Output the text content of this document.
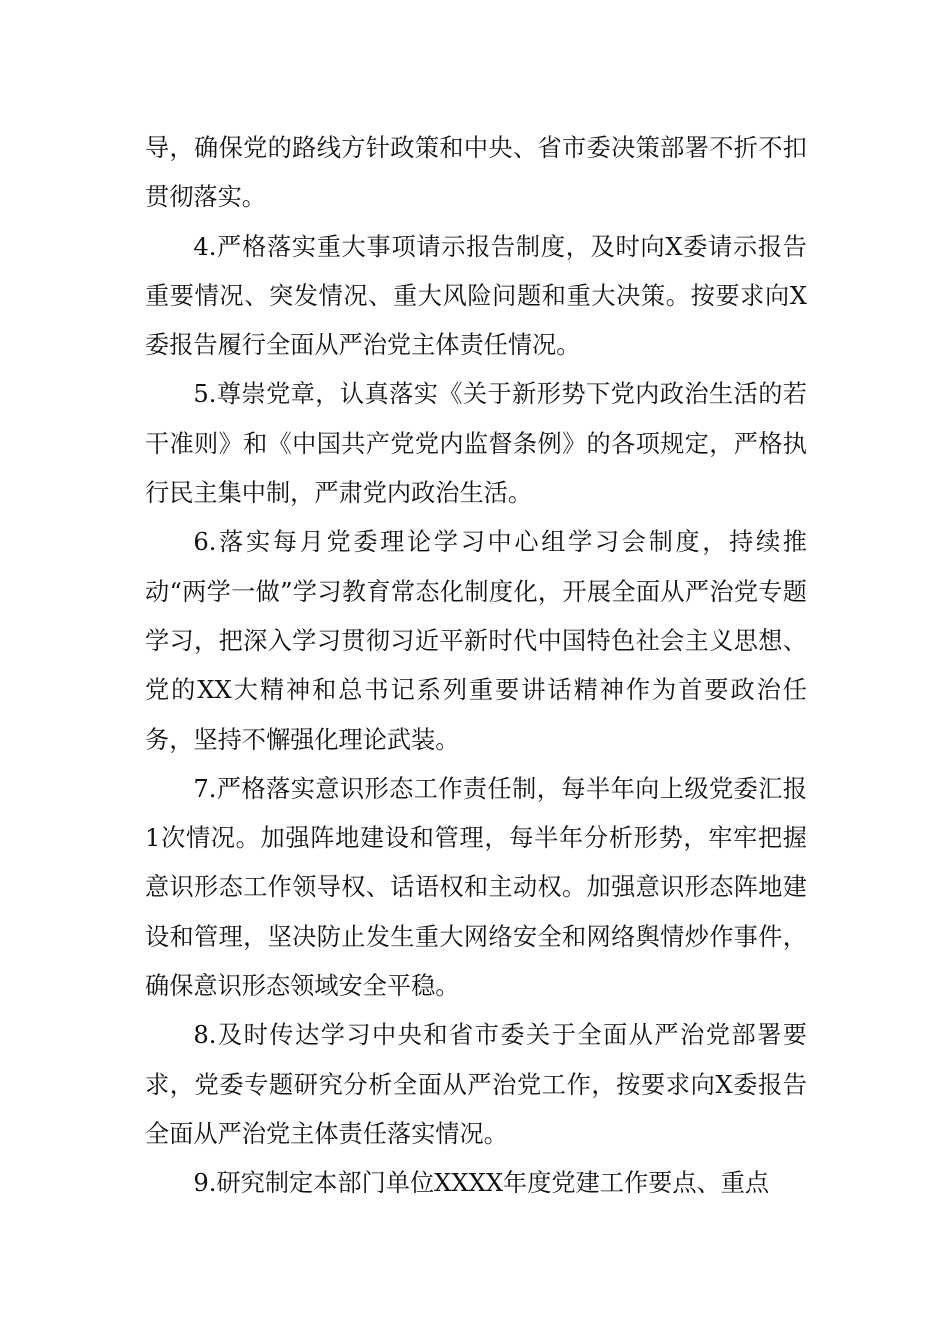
导，确保党的路线方针政策和中央、省市委决策部署不折不扣贯彻落实。

4.严格落实重大事项请示报告制度，及时向X委请示报告重要情况、突发情况、重大风险问题和重大决策。按要求向X委报告履行全面从严治党主体责任情况。

5.尊崇党章，认真落实《关于新形势下党内政治生活的若干准则》和《中国共产党党内监督条例》的各项规定，严格执行民主集中制，严肃党内政治生活。

6.落实每月党委理论学习中心组学习会制度，持续推动“两学一做”学习教育常态化制度化，开展全面从严治党专题学习，把深入学习贯彻习近平新时代中国特色社会主义思想、党的XX大精神和总书记系列重要讲话精神作为首要政治任务，坚持不懈强化理论武装。

7.严格落实意识形态工作责任制，每半年向上级党委汇报1次情况。加强阵地建设和管理，每半年分析形势，牢牢把握意识形态工作领导权、话语权和主动权。加强意识形态阵地建设和管理，坚决防止发生重大网络安全和网络舆情炒作事件，确保意识形态领域安全平稳。

8.及时传达学习中央和省市委关于全面从严治党部署要求，党委专题研究分析全面从严治党工作，按要求向X委报告全面从严治党主体责任落实情况。

9.研究制定本部门单位XXXX年度党建工作要点、重点
